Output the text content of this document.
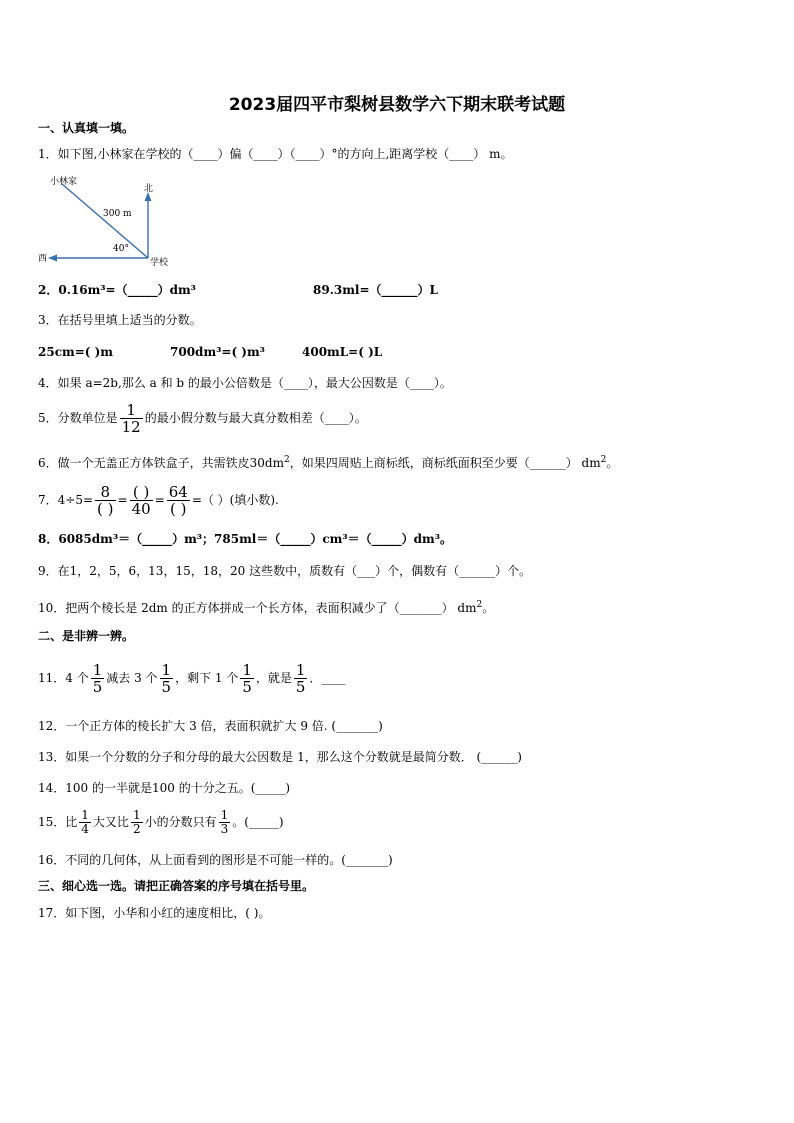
2023届四平市梨树县数学六下期末联考试题
一、认真填一填。
1．如下图,小林家在学校的（____）偏（____）（____）°的方向上,距离学校（____） m。
小林家
北
300 m
40°
西	学校
2．0.16m³=（_____）dm³	89.3ml=（______）L
3．在括号里填上适当的分数。
25cm=( )m	700dm³=( )m³	400mL=( )L
4．如果 a=2b,那么 a 和 b 的最小公倍数是（____），最大公因数是（____）。
5．分数单位是 $\frac{1}{12}$ 的最小假分数与最大真分数相差（____）。
6．做一个无盖正方体铁盒子，共需铁皮$30dm^2$，如果四周贴上商标纸，商标纸面积至少要（______） $dm^2$。
7．$4\div 5= \frac{8}{( )} = \frac{( )}{40} = \frac{64}{( )}$ =（ ）(填小数).
8．6085dm³＝（_____）m³；785ml＝（_____）cm³＝（_____）dm³。
9．在1，2，5，6，13，15，18，20 这些数中，质数有（___）个，偶数有（______）个。
10．把两个棱长是 2dm 的正方体拼成一个长方体，表面积减少了（_______） $dm^2$。
二、是非辨一辨。
11．4 个 $\frac{1}{5}$ 减去 3 个 $\frac{1}{5}$ ，剩下 1 个 $\frac{1}{5}$ ，就是 $\frac{1}{5}$ ．____
12．一个正方体的棱长扩大 3 倍，表面积就扩大 9 倍. (_______)
13．如果一个分数的分子和分母的最大公因数是 1，那么这个分数就是最简分数． (______)
14．100 的一半就是100 的十分之五。(_____)
15．比 $\frac{1}{4}$ 大又比 $\frac{1}{2}$ 小的分数只有 $\frac{1}{3}$ 。(_____)
16．不同的几何体，从上面看到的图形是不可能一样的。(_______)
三、细心选一选。请把正确答案的序号填在括号里。
17．如下图，小华和小红的速度相比，( )。
